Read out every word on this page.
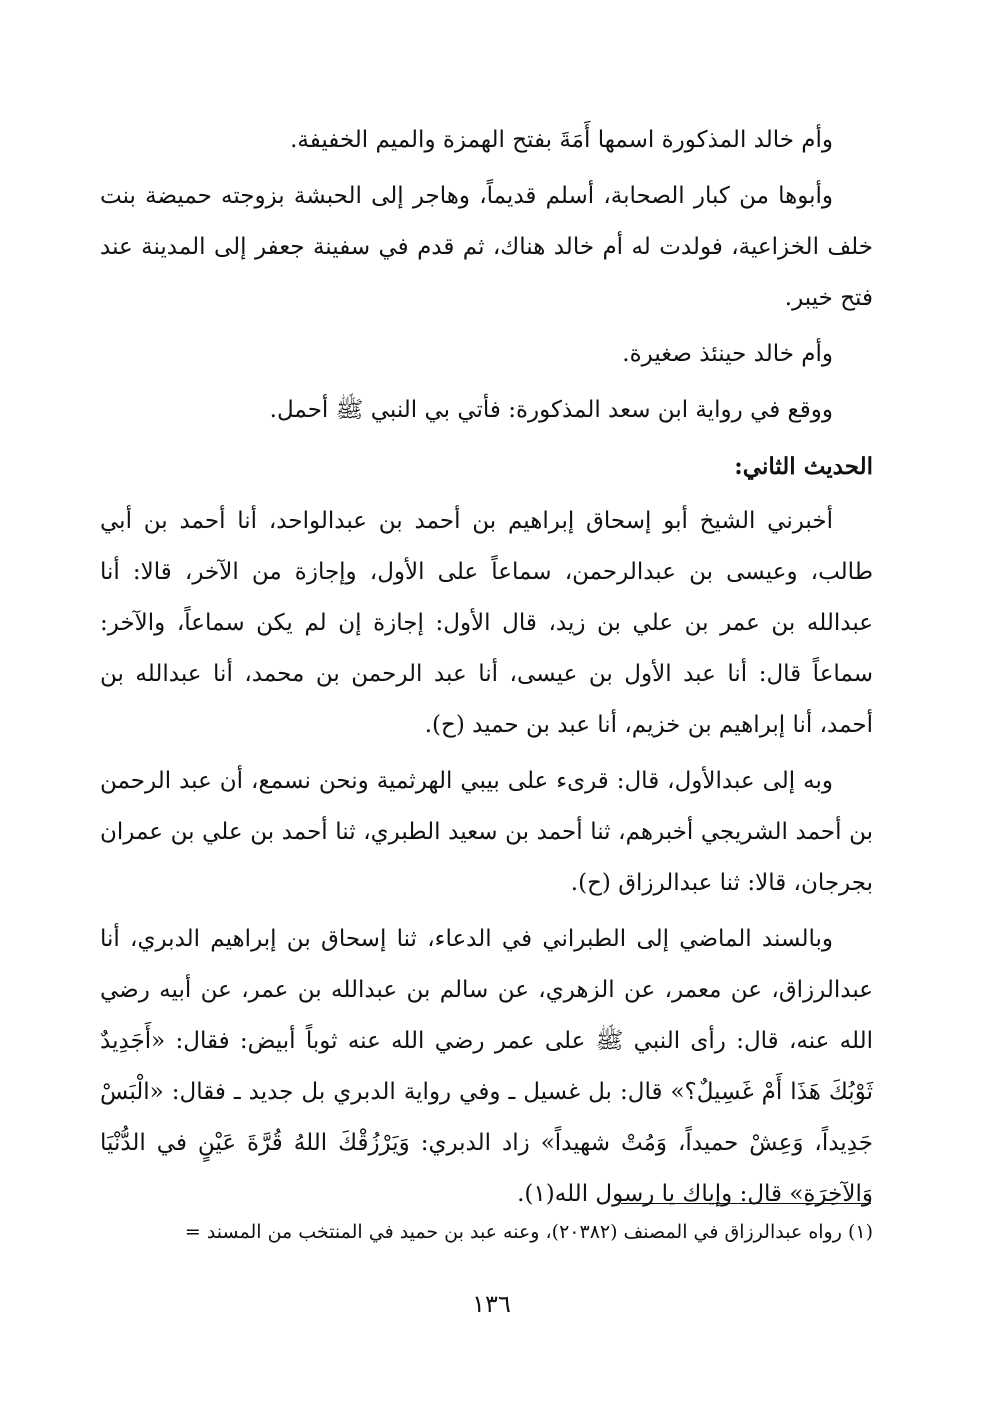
وأم خالد المذكورة اسمها أَمَةَ بفتح الهمزة والميم الخفيفة.

وأبوها من كبار الصحابة، أسلم قديماً، وهاجر إلى الحبشة بزوجته حميضة بنت خلف الخزاعية، فولدت له أم خالد هناك، ثم قدم في سفينة جعفر إلى المدينة عند فتح خيبر.

وأم خالد حينئذ صغيرة.

ووقع في رواية ابن سعد المذكورة: فأتي بي النبي ﷺ أحمل.

الحديث الثاني:

أخبرني الشيخ أبو إسحاق إبراهيم بن أحمد بن عبدالواحد، أنا أحمد بن أبي طالب، وعيسى بن عبدالرحمن، سماعاً على الأول، وإجازة من الآخر، قالا: أنا عبدالله بن عمر بن علي بن زيد، قال الأول: إجازة إن لم يكن سماعاً، والآخر: سماعاً قال: أنا عبد الأول بن عيسى، أنا عبد الرحمن بن محمد، أنا عبدالله بن أحمد، أنا إبراهيم بن خزيم، أنا عبد بن حميد (ح).

وبه إلى عبدالأول، قال: قرىء على بيبي الهرثمية ونحن نسمع، أن عبد الرحمن بن أحمد الشريجي أخبرهم، ثنا أحمد بن سعيد الطبري، ثنا أحمد بن علي بن عمران بجرجان، قالا: ثنا عبدالرزاق (ح).

وبالسند الماضي إلى الطبراني في الدعاء، ثنا إسحاق بن إبراهيم الدبري، أنا عبدالرزاق، عن معمر، عن الزهري، عن سالم بن عبدالله بن عمر، عن أبيه رضي الله عنه، قال: رأى النبي ﷺ على عمر رضي الله عنه ثوباً أبيض: فقال: «أَجَدِيدٌ ثَوْبُكَ هَذَا أَمْ غَسِيلٌ؟» قال: بل غسيل ـ وفي رواية الدبري بل جديد ـ فقال: «الْبَسْ جَدِيداً، وَعِشْ حميداً، وَمُتْ شهيداً» زاد الدبري: وَيَرْزُقْكَ اللهُ قُرَّةَ عَيْنٍ في الدُّنْيَا وَالآخِرَةِ» قال: وإياك يا رسول الله(١).

(١) رواه عبدالرزاق في المصنف (٢٠٣٨٢)، وعنه عبد بن حميد في المنتخب من المسند =
١٣٦
